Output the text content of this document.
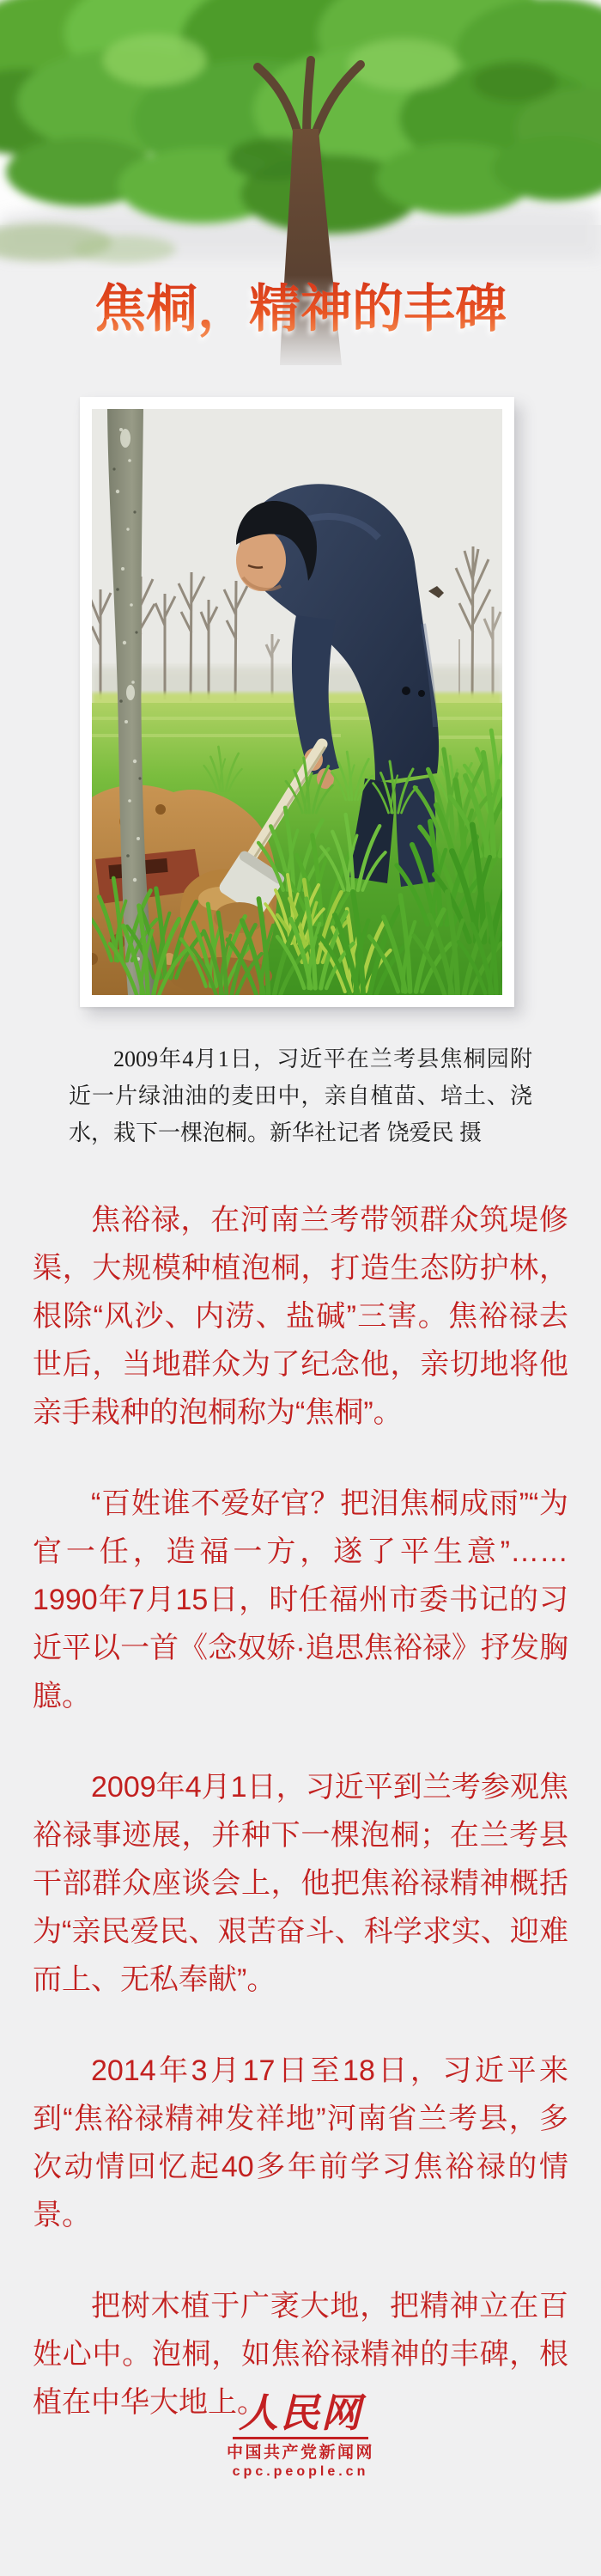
焦桐，精神的丰碑

2009年4月1日，习近平在兰考县焦桐园附近一片绿油油的麦田中，亲自植苗、培土、浇水，栽下一棵泡桐。新华社记者 饶爱民 摄

焦裕禄，在河南兰考带领群众筑堤修渠，大规模种植泡桐，打造生态防护林，根除“风沙、内涝、盐碱”三害。焦裕禄去世后，当地群众为了纪念他，亲切地将他亲手栽种的泡桐称为“焦桐”。

“百姓谁不爱好官？把泪焦桐成雨”“为官一任，造福一方，遂了平生意”……1990年7月15日，时任福州市委书记的习近平以一首《念奴娇·追思焦裕禄》抒发胸臆。

2009年4月1日，习近平到兰考参观焦裕禄事迹展，并种下一棵泡桐；在兰考县干部群众座谈会上，他把焦裕禄精神概括为“亲民爱民、艰苦奋斗、科学求实、迎难而上、无私奉献”。

2014年3月17日至18日，习近平来到“焦裕禄精神发祥地”河南省兰考县，多次动情回忆起40多年前学习焦裕禄的情景。

把树木植于广袤大地，把精神立在百姓心中。泡桐，如焦裕禄精神的丰碑，根植在中华大地上。

人民网
中国共产党新闻网
cpc.people.cn
